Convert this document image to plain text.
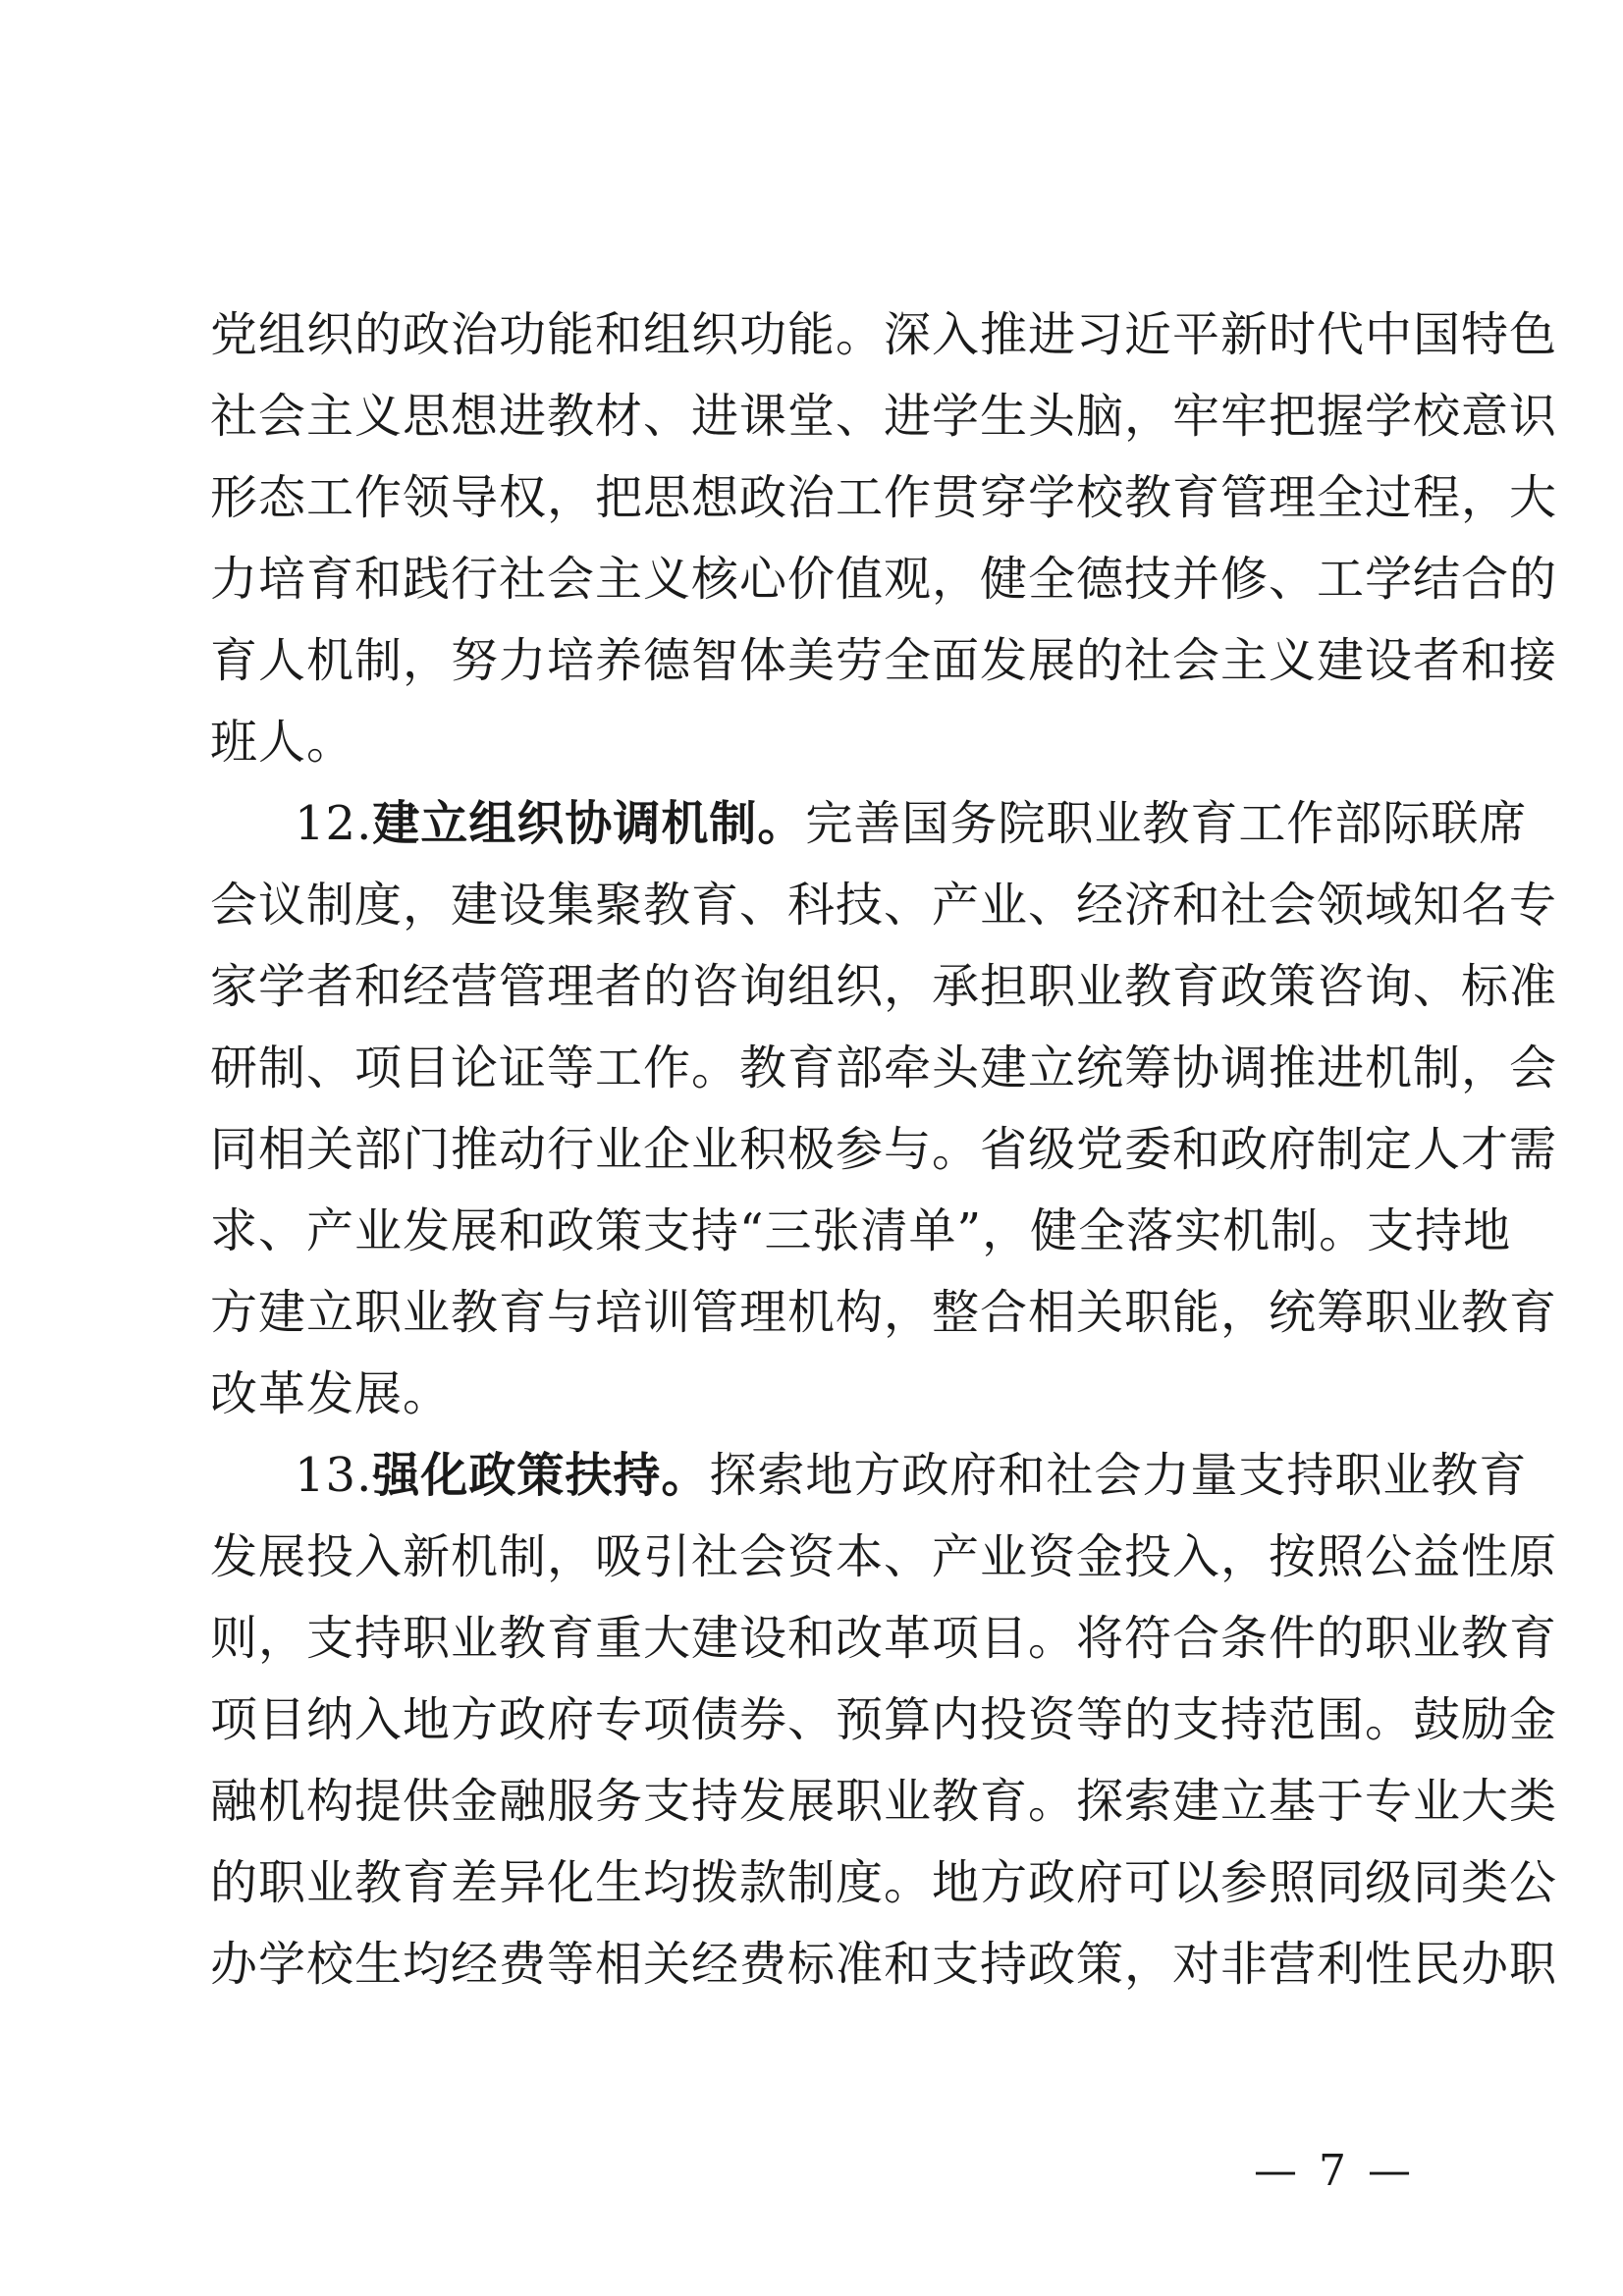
党组织的政治功能和组织功能。深入推进习近平新时代中国特色
社会主义思想进教材、进课堂、进学生头脑，牢牢把握学校意识
形态工作领导权，把思想政治工作贯穿学校教育管理全过程，大
力培育和践行社会主义核心价值观，健全德技并修、工学结合的
育人机制，努力培养德智体美劳全面发展的社会主义建设者和接
班人。
12.建立组织协调机制。完善国务院职业教育工作部际联席
会议制度，建设集聚教育、科技、产业、经济和社会领域知名专
家学者和经营管理者的咨询组织，承担职业教育政策咨询、标准
研制、项目论证等工作。教育部牵头建立统筹协调推进机制，会
同相关部门推动行业企业积极参与。省级党委和政府制定人才需
求、产业发展和政策支持“三张清单”，健全落实机制。支持地
方建立职业教育与培训管理机构，整合相关职能，统筹职业教育
改革发展。
13.强化政策扶持。探索地方政府和社会力量支持职业教育
发展投入新机制，吸引社会资本、产业资金投入，按照公益性原
则，支持职业教育重大建设和改革项目。将符合条件的职业教育
项目纳入地方政府专项债券、预算内投资等的支持范围。鼓励金
融机构提供金融服务支持发展职业教育。探索建立基于专业大类
的职业教育差异化生均拨款制度。地方政府可以参照同级同类公
办学校生均经费等相关经费标准和支持政策，对非营利性民办职
— 7 —
